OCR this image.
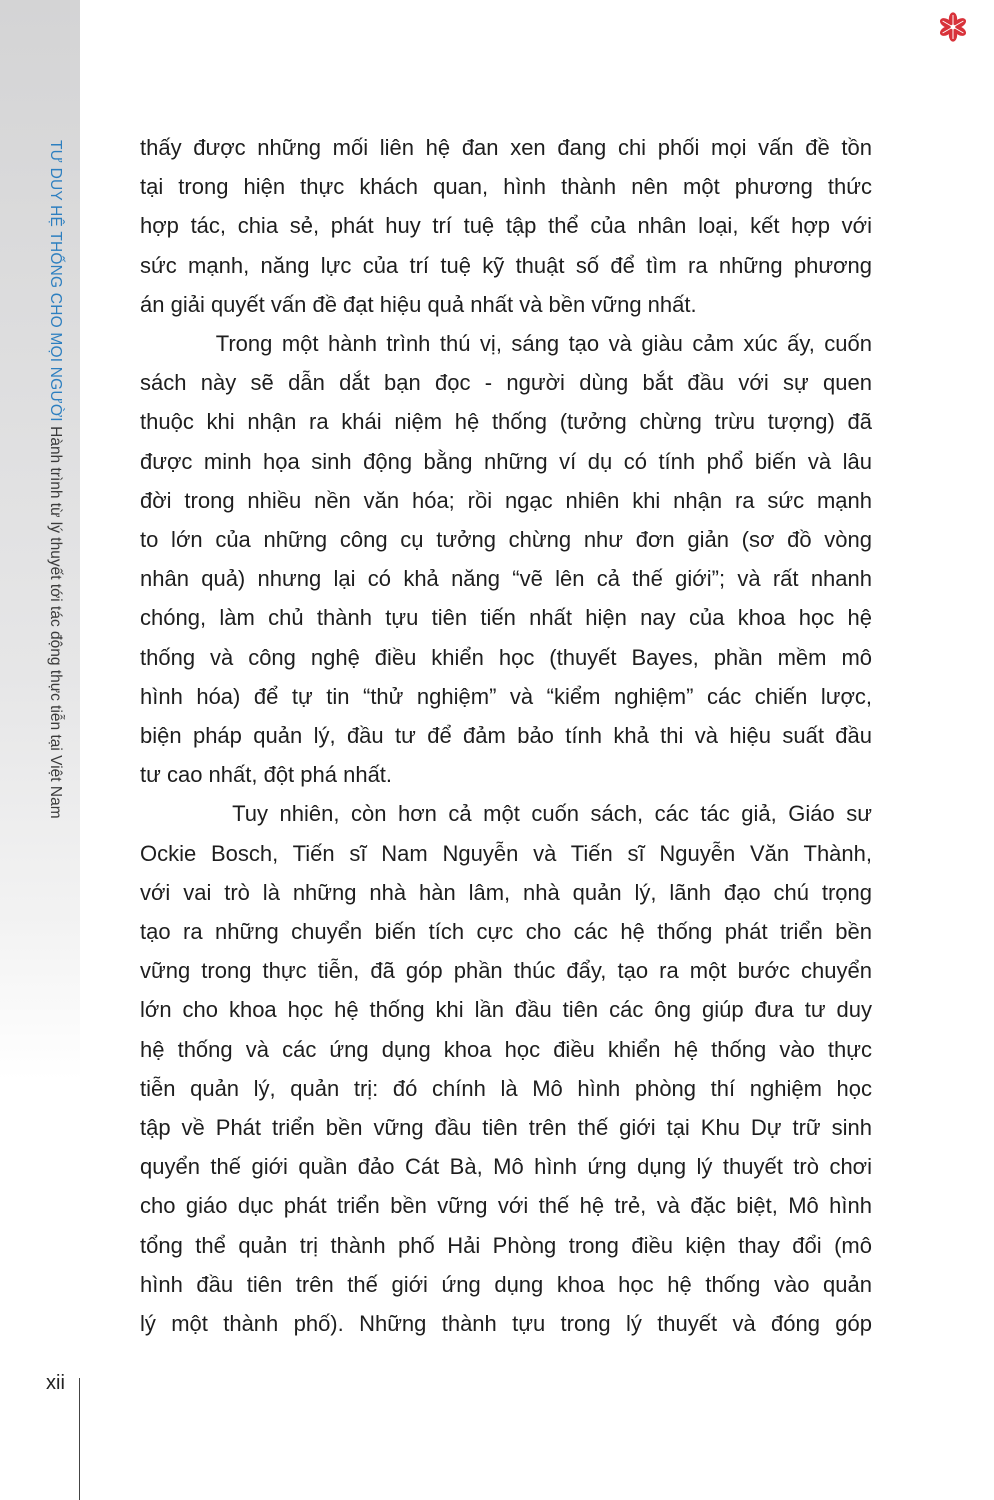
TƯ DUY HỆ THỐNG CHO MỌI NGƯỜI Hành trình từ lý thuyết tới tác động thực tiễn tại Việt Nam
thấy được những mối liên hệ đan xen đang chi phối mọi vấn đề tồn
tại trong hiện thực khách quan, hình thành nên một phương thức
hợp tác, chia sẻ, phát huy trí tuệ tập thể của nhân loại, kết hợp với
sức mạnh, năng lực của trí tuệ kỹ thuật số để tìm ra những phương
án giải quyết vấn đề đạt hiệu quả nhất và bền vững nhất.
Trong một hành trình thú vị, sáng tạo và giàu cảm xúc ấy, cuốn
sách này sẽ dẫn dắt bạn đọc - người dùng bắt đầu với sự quen
thuộc khi nhận ra khái niệm hệ thống (tưởng chừng trừu tượng) đã
được minh họa sinh động bằng những ví dụ có tính phổ biến và lâu
đời trong nhiều nền văn hóa; rồi ngạc nhiên khi nhận ra sức mạnh
to lớn của những công cụ tưởng chừng như đơn giản (sơ đồ vòng
nhân quả) nhưng lại có khả năng “vẽ lên cả thế giới”; và rất nhanh
chóng, làm chủ thành tựu tiên tiến nhất hiện nay của khoa học hệ
thống và công nghệ điều khiển học (thuyết Bayes, phần mềm mô
hình hóa) để tự tin “thử nghiệm” và “kiểm nghiệm” các chiến lược,
biện pháp quản lý, đầu tư để đảm bảo tính khả thi và hiệu suất đầu
tư cao nhất, đột phá nhất.
Tuy nhiên, còn hơn cả một cuốn sách, các tác giả, Giáo sư
Ockie Bosch, Tiến sĩ Nam Nguyễn và Tiến sĩ Nguyễn Văn Thành,
với vai trò là những nhà hàn lâm, nhà quản lý, lãnh đạo chú trọng
tạo ra những chuyển biến tích cực cho các hệ thống phát triển bền
vững trong thực tiễn, đã góp phần thúc đẩy, tạo ra một bước chuyển
lớn cho khoa học hệ thống khi lần đầu tiên các ông giúp đưa tư duy
hệ thống và các ứng dụng khoa học điều khiển hệ thống vào thực
tiễn quản lý, quản trị: đó chính là Mô hình phòng thí nghiệm học
tập về Phát triển bền vững đầu tiên trên thế giới tại Khu Dự trữ sinh
quyển thế giới quần đảo Cát Bà, Mô hình ứng dụng lý thuyết trò chơi
cho giáo dục phát triển bền vững với thế hệ trẻ, và đặc biệt, Mô hình
tổng thể quản trị thành phố Hải Phòng trong điều kiện thay đổi (mô
hình đầu tiên trên thế giới ứng dụng khoa học hệ thống vào quản
lý một thành phố). Những thành tựu trong lý thuyết và đóng góp
xii
